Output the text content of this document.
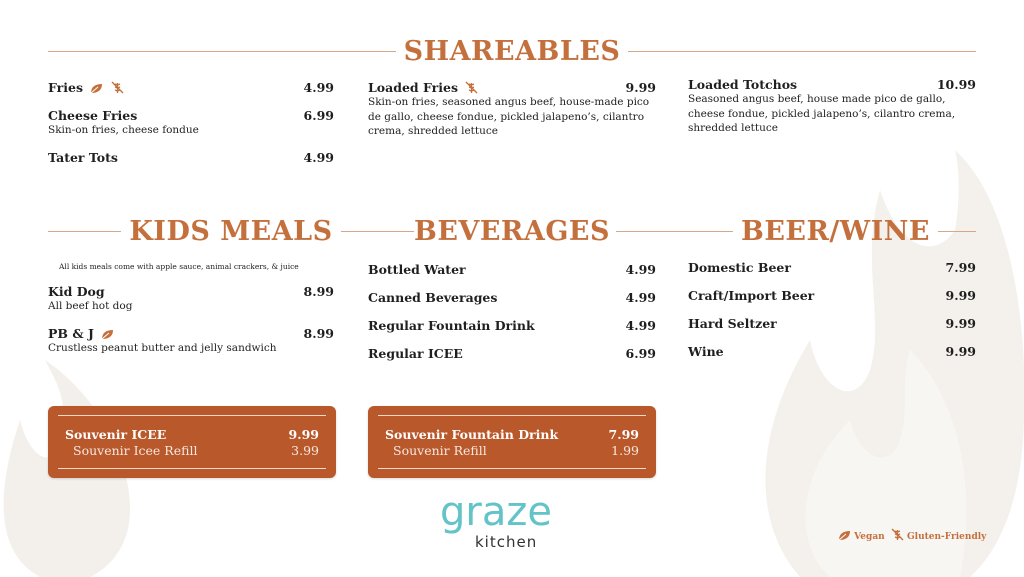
SHAREABLES
Fries	4.99
Cheese Fries	6.99
Skin-on fries, cheese fondue
Tater Tots	4.99
Loaded Fries	9.99
Skin-on fries, seasoned angus beef, house-made pico de gallo, cheese fondue, pickled jalapeno’s, cilantro crema, shredded lettuce
Loaded Totchos	10.99
Seasoned angus beef, house made pico de gallo, cheese fondue, pickled jalapeno’s, cilantro crema, shredded lettuce
KIDS MEALS	BEVERAGES	BEER/WINE
All kids meals come with apple sauce, animal crackers, & juice
Kid Dog	8.99
All beef hot dog
PB & J	8.99
Crustless peanut butter and jelly sandwich
Bottled Water	4.99
Canned Beverages	4.99
Regular Fountain Drink	4.99
Regular ICEE	6.99
Domestic Beer	7.99
Craft/Import Beer	9.99
Hard Seltzer	9.99
Wine	9.99
Souvenir ICEE	9.99
Souvenir Icee Refill	3.99
Souvenir Fountain Drink	7.99
Souvenir Refill	1.99
graze
kitchen	Vegan Gluten-Friendly
